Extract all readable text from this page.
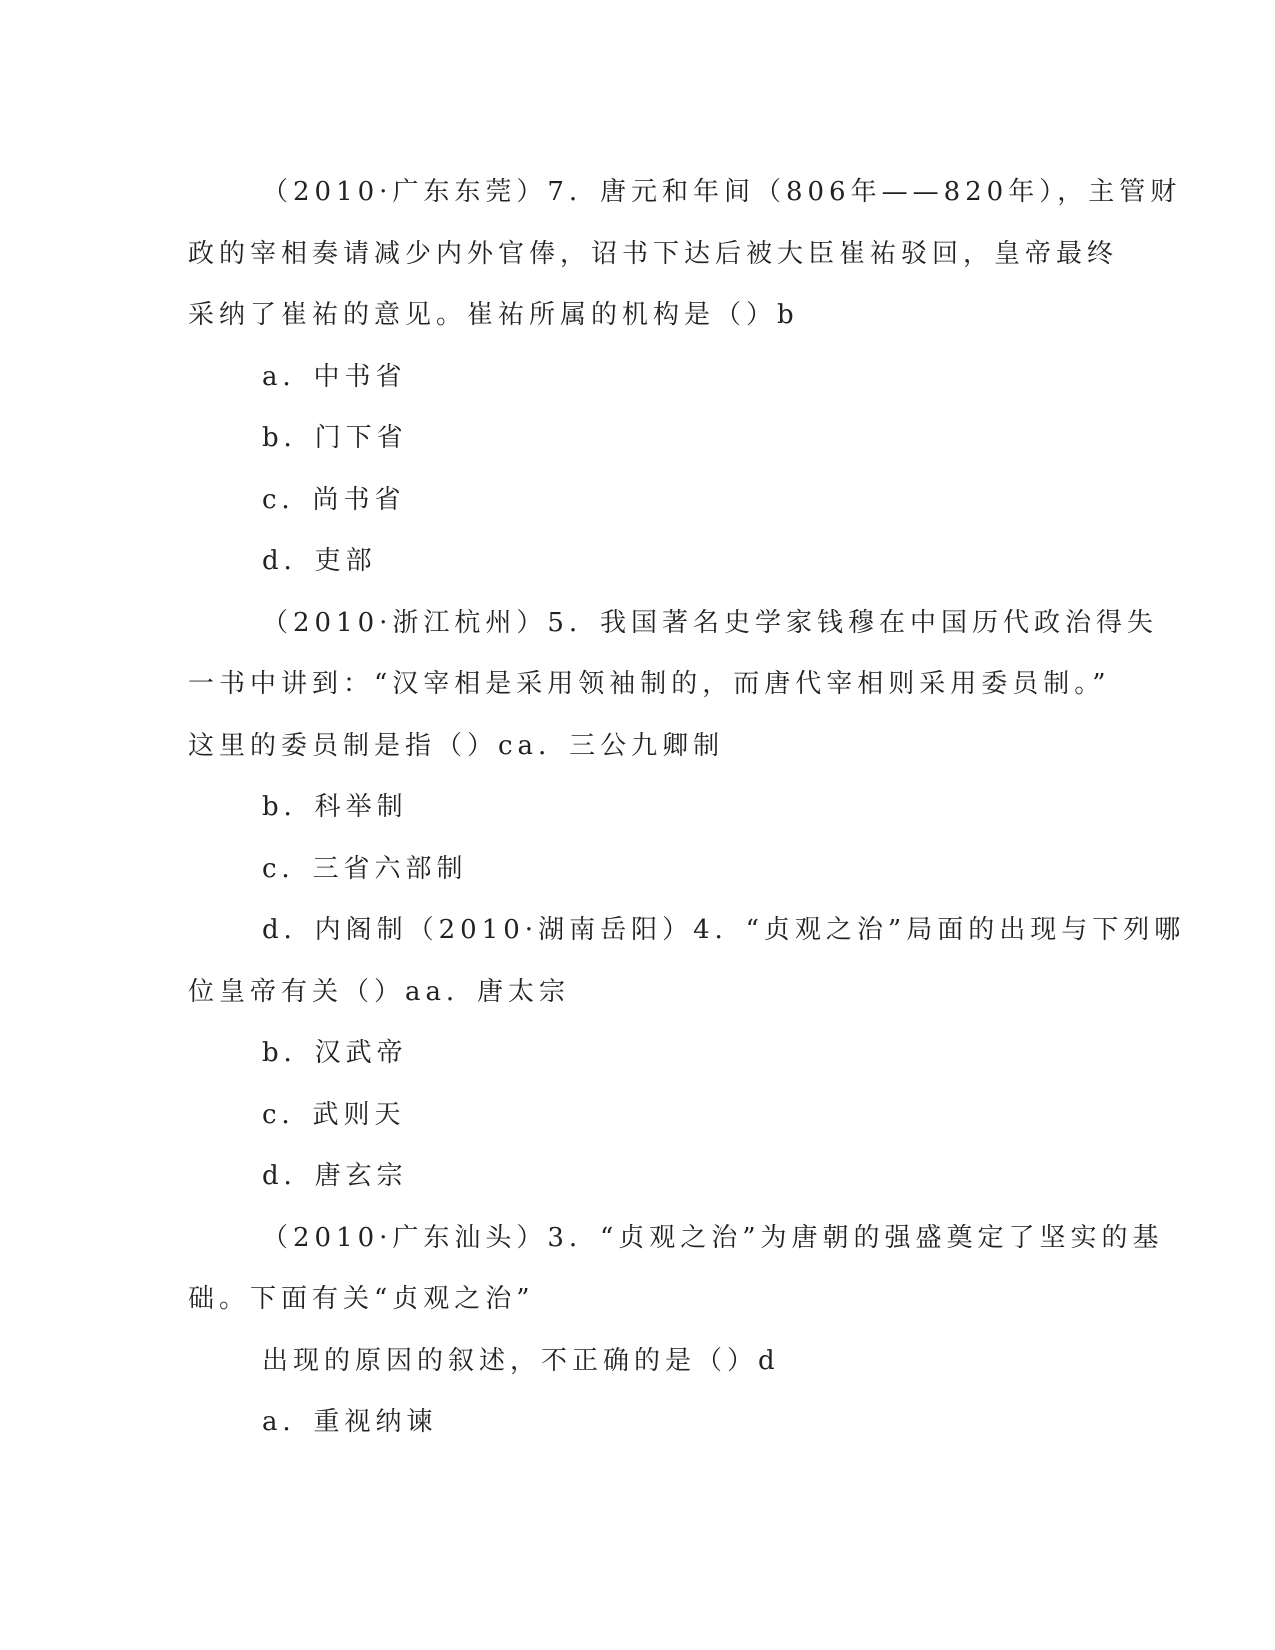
（2010·广东东莞）7．唐元和年间（806年——820年），主管财
政的宰相奏请减少内外官俸，诏书下达后被大臣崔祐驳回，皇帝最终
采纳了崔祐的意见。崔祐所属的机构是（）b
a．中书省
b．门下省
c．尚书省
d．吏部
（2010·浙江杭州）5．我国著名史学家钱穆在中国历代政治得失
一书中讲到：“汉宰相是采用领袖制的，而唐代宰相则采用委员制。”
这里的委员制是指（）ca．三公九卿制
b．科举制
c．三省六部制
d．内阁制（2010·湖南岳阳）4．“贞观之治”局面的出现与下列哪
位皇帝有关（）aa．唐太宗
b．汉武帝
c．武则天
d．唐玄宗
（2010·广东汕头）3．“贞观之治”为唐朝的强盛奠定了坚实的基
础。下面有关“贞观之治”
出现的原因的叙述，不正确的是（）d
a．重视纳谏
